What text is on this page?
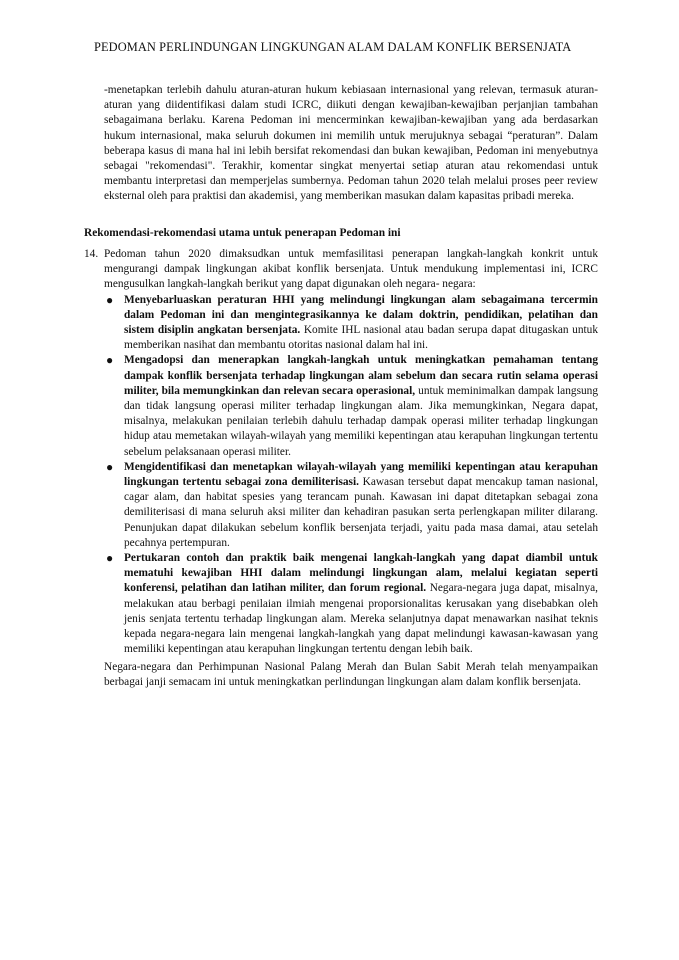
PEDOMAN PERLINDUNGAN LINGKUNGAN ALAM DALAM KONFLIK BERSENJATA

-menetapkan terlebih dahulu aturan-aturan hukum kebiasaan internasional yang relevan, termasuk aturan-aturan yang diidentifikasi dalam studi ICRC, diikuti dengan kewajiban-kewajiban perjanjian tambahan sebagaimana berlaku. Karena Pedoman ini mencerminkan kewajiban-kewajiban yang ada berdasarkan hukum internasional, maka seluruh dokumen ini memilih untuk merujuknya sebagai “peraturan”. Dalam beberapa kasus di mana hal ini lebih bersifat rekomendasi dan bukan kewajiban, Pedoman ini menyebutnya sebagai "rekomendasi". Terakhir, komentar singkat menyertai setiap aturan atau rekomendasi untuk membantu interpretasi dan memperjelas sumbernya. Pedoman tahun 2020 telah melalui proses peer review eksternal oleh para praktisi dan akademisi, yang memberikan masukan dalam kapasitas pribadi mereka.

Rekomendasi-rekomendasi utama untuk penerapan Pedoman ini
14. Pedoman tahun 2020 dimaksudkan untuk memfasilitasi penerapan langkah-langkah konkrit untuk mengurangi dampak lingkungan akibat konflik bersenjata. Untuk mendukung implementasi ini, ICRC mengusulkan langkah-langkah berikut yang dapat digunakan oleh negara- negara:

● Menyebarluaskan peraturan HHI yang melindungi lingkungan alam sebagaimana tercermin dalam Pedoman ini dan mengintegrasikannya ke dalam doktrin, pendidikan, pelatihan dan sistem disiplin angkatan bersenjata. Komite IHL nasional atau badan serupa dapat ditugaskan untuk memberikan nasihat dan membantu otoritas nasional dalam hal ini.
● Mengadopsi dan menerapkan langkah-langkah untuk meningkatkan pemahaman tentang dampak konflik bersenjata terhadap lingkungan alam sebelum dan secara rutin selama operasi militer, bila memungkinkan dan relevan secara operasional, untuk meminimalkan dampak langsung dan tidak langsung operasi militer terhadap lingkungan alam. Jika memungkinkan, Negara dapat, misalnya, melakukan penilaian terlebih dahulu terhadap dampak operasi militer terhadap lingkungan hidup atau memetakan wilayah-wilayah yang memiliki kepentingan atau kerapuhan lingkungan tertentu sebelum pelaksanaan operasi militer.
● Mengidentifikasi dan menetapkan wilayah-wilayah yang memiliki kepentingan atau kerapuhan lingkungan tertentu sebagai zona demiliterisasi. Kawasan tersebut dapat mencakup taman nasional, cagar alam, dan habitat spesies yang terancam punah. Kawasan ini dapat ditetapkan sebagai zona demiliterisasi di mana seluruh aksi militer dan kehadiran pasukan serta perlengkapan militer dilarang. Penunjukan dapat dilakukan sebelum konflik bersenjata terjadi, yaitu pada masa damai, atau setelah pecahnya pertempuran.
● Pertukaran contoh dan praktik baik mengenai langkah-langkah yang dapat diambil untuk mematuhi kewajiban HHI dalam melindungi lingkungan alam, melalui kegiatan seperti konferensi, pelatihan dan latihan militer, dan forum regional. Negara-negara juga dapat, misalnya, melakukan atau berbagi penilaian ilmiah mengenai proporsionalitas kerusakan yang disebabkan oleh jenis senjata tertentu terhadap lingkungan alam. Mereka selanjutnya dapat menawarkan nasihat teknis kepada negara-negara lain mengenai langkah-langkah yang dapat melindungi kawasan-kawasan yang memiliki kepentingan atau kerapuhan lingkungan tertentu dengan lebih baik.

Negara-negara dan Perhimpunan Nasional Palang Merah dan Bulan Sabit Merah telah menyampaikan berbagai janji semacam ini untuk meningkatkan perlindungan lingkungan alam dalam konflik bersenjata.
